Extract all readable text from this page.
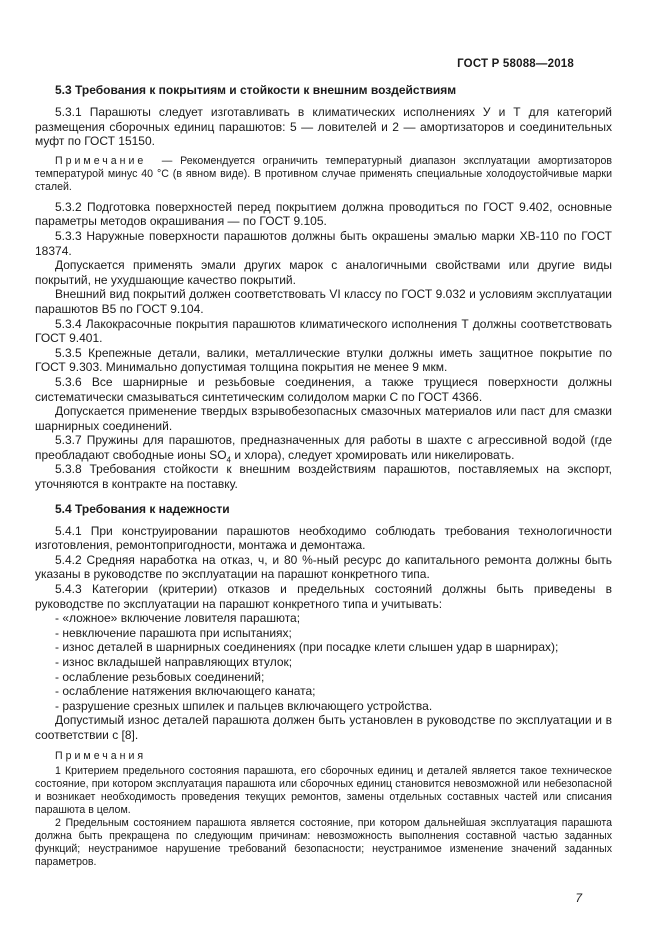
ГОСТ Р 58088—2018
5.3 Требования к покрытиям и стойкости к внешним воздействиям

5.3.1 Парашюты следует изготавливать в климатических исполнениях У и Т для категорий размещения сборочных единиц парашютов: 5 — ловителей и 2 — амортизаторов и соединительных муфт по ГОСТ 15150.

Примечание — Рекомендуется ограничить температурный диапазон эксплуатации амортизаторов температурой минус 40 °С (в явном виде). В противном случае применять специальные холодоустойчивые марки сталей.

5.3.2 Подготовка поверхностей перед покрытием должна проводиться по ГОСТ 9.402, основные параметры методов окрашивания — по ГОСТ 9.105.

5.3.3 Наружные поверхности парашютов должны быть окрашены эмалью марки ХВ-110 по ГОСТ 18374.

Допускается применять эмали других марок с аналогичными свойствами или другие виды покрытий, не ухудшающие качество покрытий.

Внешний вид покрытий должен соответствовать VI классу по ГОСТ 9.032 и условиям эксплуатации парашютов В5 по ГОСТ 9.104.

5.3.4 Лакокрасочные покрытия парашютов климатического исполнения Т должны соответствовать ГОСТ 9.401.

5.3.5 Крепежные детали, валики, металлические втулки должны иметь защитное покрытие по ГОСТ 9.303. Минимально допустимая толщина покрытия не менее 9 мкм.

5.3.6 Все шарнирные и резьбовые соединения, а также трущиеся поверхности должны систематически смазываться синтетическим солидолом марки С по ГОСТ 4366.

Допускается применение твердых взрывобезопасных смазочных материалов или паст для смазки шарнирных соединений.

5.3.7 Пружины для парашютов, предназначенных для работы в шахте с агрессивной водой (где преобладают свободные ионы $SO_4$ и хлора), следует хромировать или никелировать.

5.3.8 Требования стойкости к внешним воздействиям парашютов, поставляемых на экспорт, уточняются в контракте на поставку.

5.4 Требования к надежности

5.4.1 При конструировании парашютов необходимо соблюдать требования технологичности изготовления, ремонтопригодности, монтажа и демонтажа.

5.4.2 Средняя наработка на отказ, ч, и 80 %-ный ресурс до капитального ремонта должны быть указаны в руководстве по эксплуатации на парашют конкретного типа.

5.4.3 Категории (критерии) отказов и предельных состояний должны быть приведены в руководстве по эксплуатации на парашют конкретного типа и учитывать:

- «ложное» включение ловителя парашюта;

- невключение парашюта при испытаниях;

- износ деталей в шарнирных соединениях (при посадке клети слышен удар в шарнирах);

- износ вкладышей направляющих втулок;

- ослабление резьбовых соединений;

- ослабление натяжения включающего каната;

- разрушение срезных шпилек и пальцев включающего устройства.

Допустимый износ деталей парашюта должен быть установлен в руководстве по эксплуатации и в соответствии с [8].

Примечания

1 Критерием предельного состояния парашюта, его сборочных единиц и деталей является такое техническое состояние, при котором эксплуатация парашюта или сборочных единиц становится невозможной или небезопасной и возникает необходимость проведения текущих ремонтов, замены отдельных составных частей или списания парашюта в целом.

2 Предельным состоянием парашюта является состояние, при котором дальнейшая эксплуатация парашюта должна быть прекращена по следующим причинам: невозможность выполнения составной частью заданных функций; неустранимое нарушение требований безопасности; неустранимое изменение значений заданных параметров.

7
